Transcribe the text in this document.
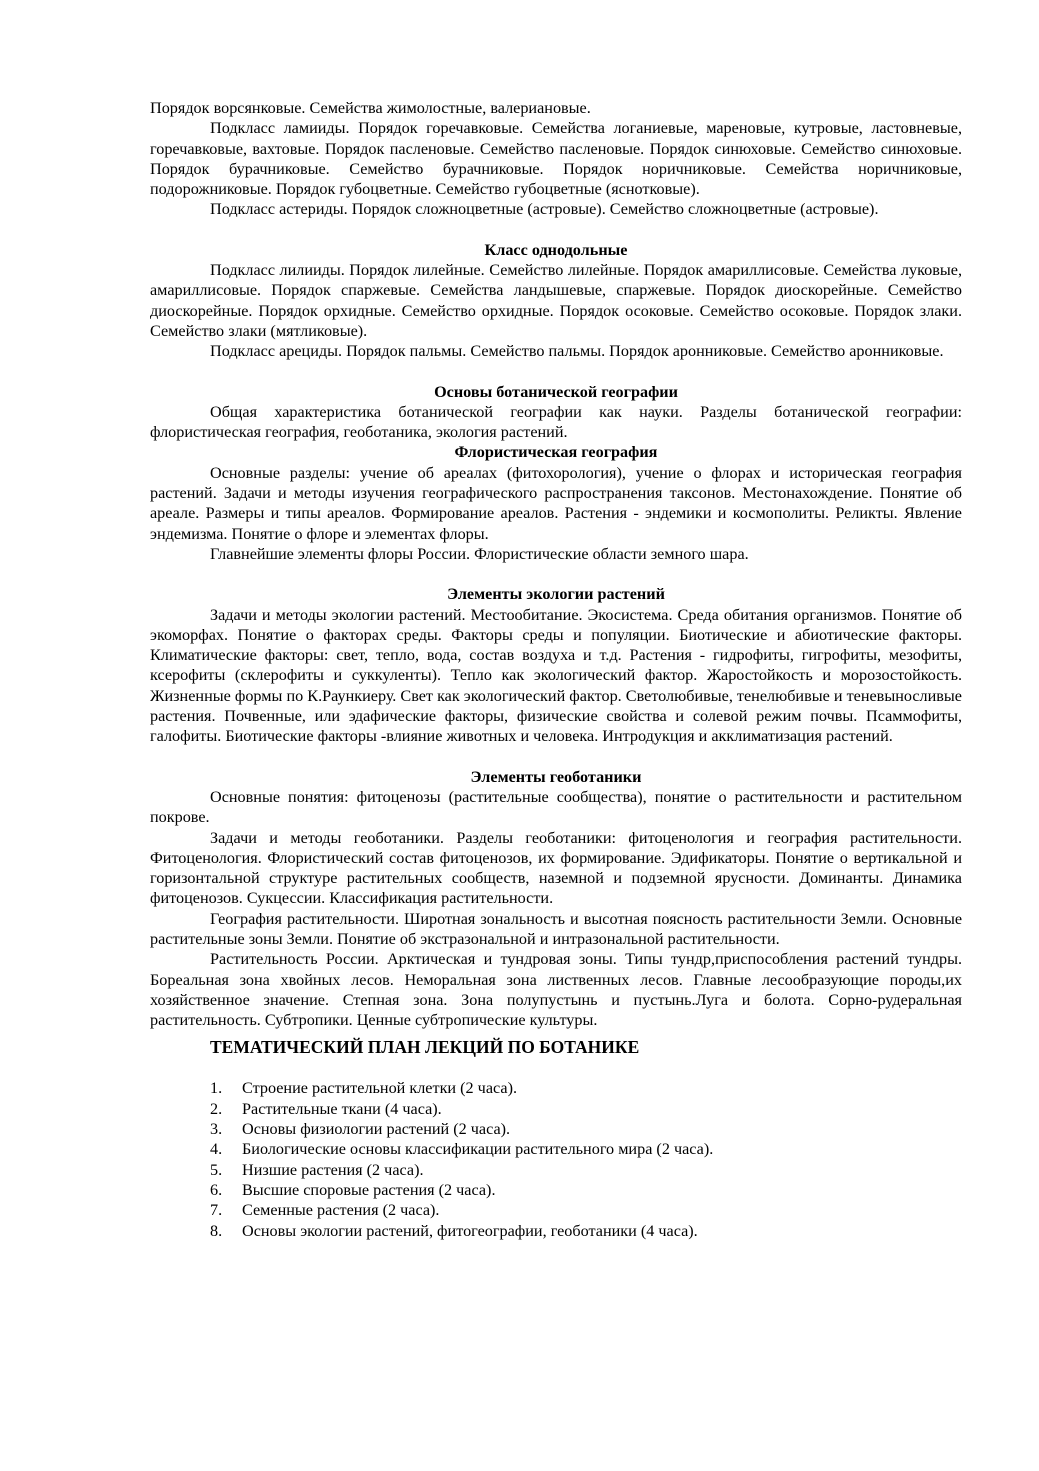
Порядок ворсянковые. Семейства жимолостные, валериановые.

Подкласс ламииды. Порядок горечавковые. Семейства логаниевые, мареновые, кутровые, ластовневые, горечавковые, вахтовые. Порядок пасленовые. Семейство пасленовые. Порядок синюховые. Семейство синюховые. Порядок бурачниковые. Семейство бурачниковые. Порядок норичниковые. Семейства норичниковые, подорожниковые. Порядок губоцветные. Семейство губоцветные (яснотковые).

Подкласс астериды. Порядок сложноцветные (астровые). Семейство сложноцветные (астровые).

Класс однодольные

Подкласс лилииды. Порядок лилейные. Семейство лилейные. Порядок амариллисовые. Семейства луковые, амариллисовые. Порядок спаржевые. Семейства ландышевые, спаржевые. Порядок диоскорейные. Семейство диоскорейные. Порядок орхидные. Семейство орхидные. Порядок осоковые. Семейство осоковые. Порядок злаки. Семейство злаки (мятликовые).

Подкласс арециды. Порядок пальмы. Семейство пальмы. Порядок аронниковые. Семейство аронниковые.

Основы ботанической географии

Общая характеристика ботанической географии как науки. Разделы ботанической географии: флористическая география, геоботаника, экология растений.

Флористическая география

Основные разделы: учение об ареалах (фитохорология), учение о флорах и историческая география растений. Задачи и методы изучения географического распространения таксонов. Местонахождение. Понятие об ареале. Размеры и типы ареалов. Формирование ареалов. Растения - эндемики и космополиты. Реликты. Явление эндемизма. Понятие о флоре и элементах флоры.

Главнейшие элементы флоры России. Флористические области земного шара.

Элементы экологии растений

Задачи и методы экологии растений. Местообитание. Экосистема. Среда обитания организмов. Понятие об экоморфах. Понятие о факторах среды. Факторы среды и популяции. Биотические и абиотические факторы. Климатические факторы: свет, тепло, вода, состав воздуха и т.д. Растения - гидрофиты, гигрофиты, мезофиты, ксерофиты (склерофиты и суккуленты). Тепло как экологический фактор. Жаростойкость и морозостойкость. Жизненные формы по К.Раункиеру. Свет как экологический фактор. Светолюбивые, тенелюбивые и теневыносливые растения. Почвенные, или эдафические факторы, физические свойства и солевой режим почвы. Псаммофиты, галофиты. Биотические факторы -влияние животных и человека. Интродукция и акклиматизация растений.

Элементы геоботаники

Основные понятия: фитоценозы (растительные сообщества), понятие о растительности и растительном покрове.

Задачи и методы геоботаники. Разделы геоботаники: фитоценология и география растительности. Фитоценология. Флористический состав фитоценозов, их формирование. Эдификаторы. Понятие о вертикальной и горизонтальной структуре растительных сообществ, наземной и подземной ярусности. Доминанты. Динамика фитоценозов. Сукцессии. Классификация растительности.

География растительности. Широтная зональность и высотная поясность растительности Земли. Основные растительные зоны Земли. Понятие об экстразональной и интразональной растительности.

Растительность России. Арктическая и тундровая зоны. Типы тундр,приспособления растений тундры. Бореальная зона хвойных лесов. Неморальная зона лиственных лесов. Главные лесообразующие породы,их хозяйственное значение. Степная зона. Зона полупустынь и пустынь.Луга и болота. Сорно-рудеральная растительность. Субтропики. Ценные субтропические культуры.

ТЕМАТИЧЕСКИЙ ПЛАН ЛЕКЦИЙ ПО БОТАНИКЕ

1.	Строение растительной клетки (2 часа).
2.	Растительные ткани (4 часа).
3.	Основы физиологии растений (2 часа).
4.	Биологические основы классификации растительного мира (2 часа).
5.	Низшие растения (2 часа).
6.	Высшие споровые растения (2 часа).
7.	Семенные растения (2 часа).
8.	Основы экологии растений, фитогеографии, геоботаники (4 часа).
